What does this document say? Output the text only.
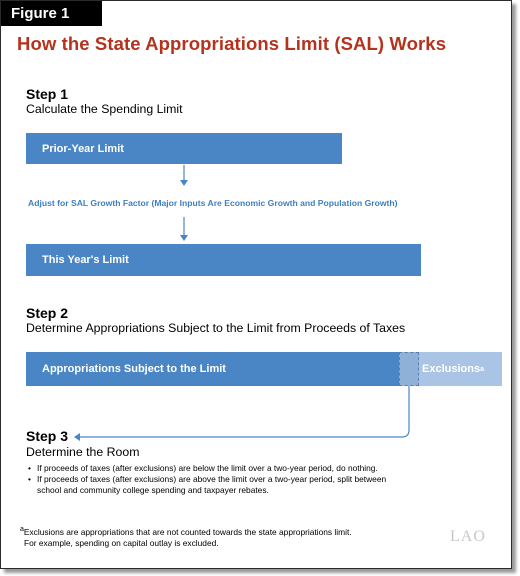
Figure 1
How the State Appropriations Limit (SAL) Works
Step 1
Calculate the Spending Limit
Prior-Year Limit
Adjust for SAL Growth Factor (Major Inputs Are Economic Growth and Population Growth)
This Year's Limit
Step 2
Determine Appropriations Subject to the Limit from Proceeds of Taxes
Appropriations Subject to the Limit	Exclusions a
Step 3
Determine the Room
• If proceeds of taxes (after exclusions) are below the limit over a two-year period, do nothing.
• If proceeds of taxes (after exclusions) are above the limit over a two-year period, split between
school and community college spending and taxpayer rebates.
$^a$Exclusions are appropriations that are not counted towards the state appropriations limit.
For example, spending on capital outlay is excluded.	LAO
